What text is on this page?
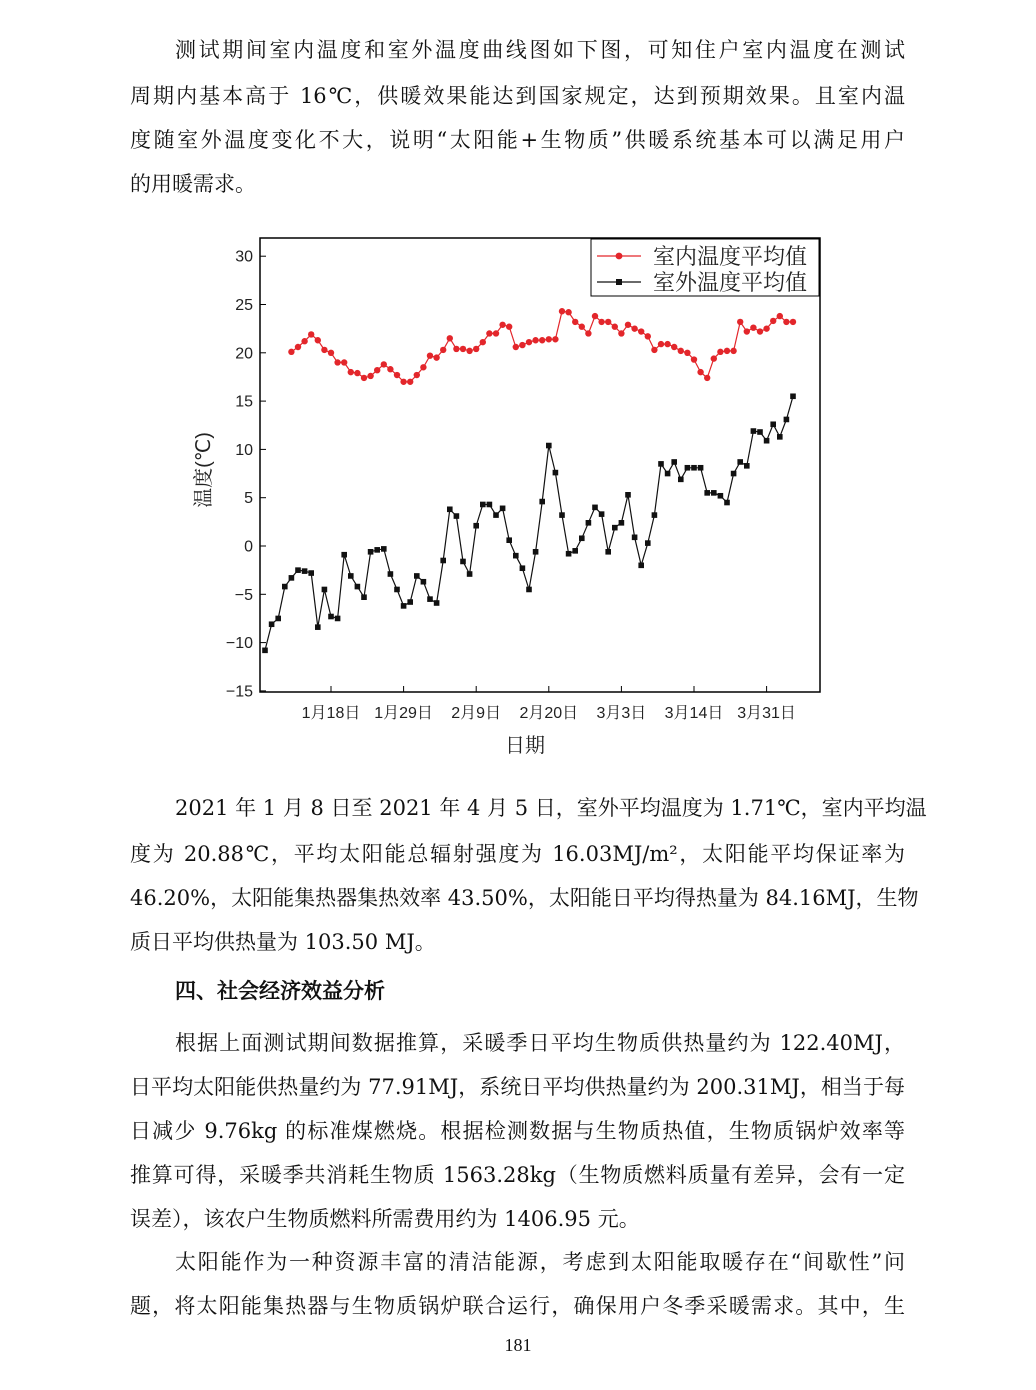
测试期间室内温度和室外温度曲线图如下图，可知住户室内温度在测试
周期内基本高于 16℃，供暖效果能达到国家规定，达到预期效果。且室内温
度随室外温度变化不大，说明“太阳能+生物质”供暖系统基本可以满足用户
的用暖需求。
30
25
20
15
10
5
0
−5
−10
−15
1月18日 1月29日 2月9日 2月20日 3月3日 3月14日 3月31日
温度(℃)
日期
室内温度平均值
室外温度平均值
2021 年 1 月 8 日至 2021 年 4 月 5 日，室外平均温度为 1.71℃，室内平均温
度为 20.88℃，平均太阳能总辐射强度为 16.03MJ/m²，太阳能平均保证率为
46.20%，太阳能集热器集热效率 43.50%，太阳能日平均得热量为 84.16MJ，生物
质日平均供热量为 103.50 MJ。
四、社会经济效益分析
根据上面测试期间数据推算，采暖季日平均生物质供热量约为 122.40MJ，
日平均太阳能供热量约为 77.91MJ，系统日平均供热量约为 200.31MJ，相当于每
日减少 9.76kg 的标准煤燃烧。根据检测数据与生物质热值，生物质锅炉效率等
推算可得，采暖季共消耗生物质 1563.28kg（生物质燃料质量有差异，会有一定
误差），该农户生物质燃料所需费用约为 1406.95 元。
太阳能作为一种资源丰富的清洁能源，考虑到太阳能取暖存在“间歇性”问
题，将太阳能集热器与生物质锅炉联合运行，确保用户冬季采暖需求。其中，生
181
